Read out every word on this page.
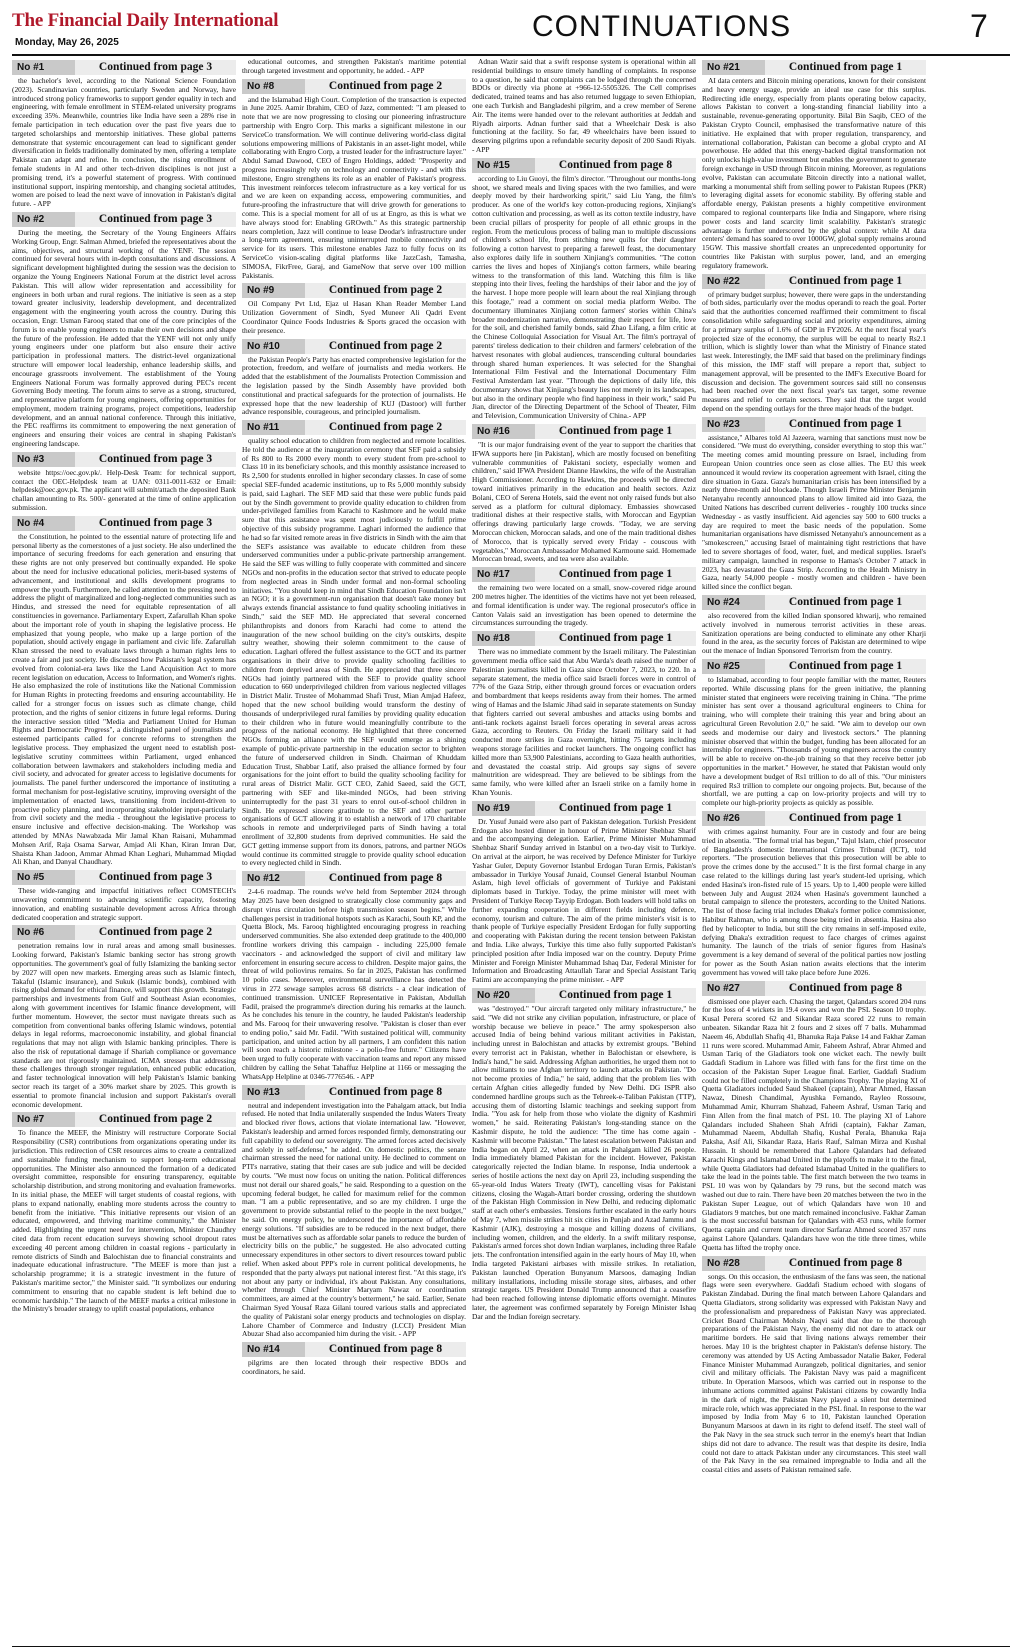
The Financial Daily International
Monday, May 26, 2025	CONTINUATIONS	7
No #1	Continued from page 3

the bachelor's level, according to the National Science Foundation (2023). Scandinavian countries, particularly Sweden and Norway, have introduced strong policy frameworks to support gender equality in tech and engineering, with female enrollment in STEM-related university programs exceeding 35%. Meanwhile, countries like India have seen a 28% rise in female participation in tech education over the past five years due to targeted scholarships and mentorship initiatives. These global patterns demonstrate that systemic encouragement can lead to significant gender diversification in fields traditionally dominated by men, offering a template Pakistan can adapt and refine. In conclusion, the rising enrollment of female students in AI and other tech-driven disciplines is not just a promising trend, it's a powerful statement of progress. With continued institutional support, inspiring mentorship, and changing societal attitudes, women are poised to lead the next wave of innovation in Pakistan's digital future. - APP

No #2	Continued from page 3

During the meeting, the Secretary of the Young Engineers Affairs Working Group, Engr. Salman Ahmed, briefed the representatives about the aims, objectives, and structural working of the YENF. The session continued for several hours with in-depth consultations and discussions. A significant development highlighted during the session was the decision to organize the Young Engineers National Forum at the district level across Pakistan. This will allow wider representation and accessibility for engineers in both urban and rural regions. The initiative is seen as a step toward greater inclusivity, leadership development, and decentralized engagement with the engineering youth across the country. During this occasion, Engr. Usman Farooq stated that one of the core principles of the forum is to enable young engineers to make their own decisions and shape the future of the profession. He added that the YENF will not only unify young engineers under one platform but also ensure their active participation in professional matters. The district-level organizational structure will empower local leadership, enhance leadership skills, and encourage grassroots involvement. The establishment of the Young Engineers National Forum was formally approved during PEC's recent Governing Body meeting. The forum aims to serve as a strong, structured, and representative platform for young engineers, offering opportunities for employment, modern training programs, project competitions, leadership development, and an annual national conference. Through this initiative, the PEC reaffirms its commitment to empowering the next generation of engineers and ensuring their voices are central in shaping Pakistan's engineering landscape.

No #3	Continued from page 3

website https://oec.gov.pk/. Help-Desk Team: for technical support, contact the OEC-Helpdesk team at UAN: 0311-0011-632 or Email: helpdesk@oec.gov.pk. The applicant will submit/attach the deposited Bank challan amounting to Rs. 500/- generated at the time of online application submission.

No #4	Continued from page 3

the Constitution, he pointed to the essential nature of protecting life and personal liberty as the cornerstones of a just society. He also underlined the importance of securing freedoms for each generation and ensuring that these rights are not only preserved but continually expanded. He spoke about the need for inclusive educational policies, merit-based systems of advancement, and institutional and skills development programs to empower the youth. Furthermore, he called attention to the pressing need to address the plight of marginalized and long-neglected communities such as Hindus, and stressed the need for equitable representation of all constituencies in governance. Parliamentary Expert, Zafarullah Khan spoke about the important role of youth in shaping the legislative process. He emphasized that young people, who make up a large portion of the population, should actively engage in parliament and civic life. Zafarullah Khan stressed the need to evaluate laws through a human rights lens to create a fair and just society. He discussed how Pakistan's legal system has evolved from colonial-era laws like the Land Acquisition Act to more recent legislation on education, Access to Information, and Women's rights. He also emphasized the role of institutions like the National Commission for Human Rights in protecting freedoms and ensuring accountability. He called for a stronger focus on issues such as climate change, child protection, and the rights of senior citizens in future legal reforms. During the interactive session titled "Media and Parliament United for Human Rights and Democratic Progress", a distinguished panel of journalists and esteemed participants called for concrete reforms to strengthen the legislative process. They emphasized the urgent need to establish post-legislative scrutiny committees within Parliament, urged enhanced collaboration between lawmakers and stakeholders including media and civil society, and advocated for greater access to legislative documents for journalists. The panel further underscored the importance of instituting a formal mechanism for post-legislative scrutiny, improving oversight of the implementation of enacted laws, transitioning from incident-driven to proactive policy planning, and incorporating stakeholder input-particularly from civil society and the media - throughout the legislative process to ensure inclusive and effective decision-making. The Workshop was attended by MNAs Nawabzada Mir Jamal Khan Raisani, Muhammad Mohsen Arif, Raja Osama Sarwar, Amjad Ali Khan, Kiran Imran Dar, Shaista Khan Jadoon, Ammar Ahmad Khan Leghari, Muhammad Miqdad Ali Khan, and Danyal Chaudhary.

No #5	Continued from page 3

These wide-ranging and impactful initiatives reflect COMSTECH's unwavering commitment to advancing scientific capacity, fostering innovation, and enabling sustainable development across Africa through dedicated cooperation and strategic support.

No #6	Continued from page 2

penetration remains low in rural areas and among small businesses. Looking forward, Pakistan's Islamic banking sector has strong growth opportunities. The government's goal of fully Islamizing the banking sector by 2027 will open new markets. Emerging areas such as Islamic fintech, Takaful (Islamic insurance), and Sukuk (Islamic bonds), combined with rising global demand for ethical finance, will support this growth. Strategic partnerships and investments from Gulf and Southeast Asian economies, along with government incentives for Islamic finance development, will further momentum. However, the sector must navigate threats such as competition from conventional banks offering Islamic windows, potential delays in legal reforms, macroeconomic instability, and global financial regulations that may not align with Islamic banking principles. There is also the risk of reputational damage if Shariah compliance or governance standards are not rigorously maintained. ICMA stresses that addressing these challenges through stronger regulation, enhanced public education, and faster technological innovation will help Pakistan's Islamic banking sector reach its target of a 30% market share by 2025. This growth is essential to promote financial inclusion and support Pakistan's overall economic development.

No #7	Continued from page 2

To finance the MEEF, the Ministry will restructure Corporate Social Responsibility (CSR) contributions from organizations operating under its jurisdiction. This redirection of CSR resources aims to create a centralized and sustainable funding mechanism to support long-term educational opportunities. The Minister also announced the formation of a dedicated oversight committee, responsible for ensuring transparency, equitable scholarship distribution, and strong monitoring and evaluation frameworks. In its initial phase, the MEEF will target students of coastal regions, with plans to expand nationally, enabling more students across the country to benefit from the initiative. "This initiative represents our vision of an educated, empowered, and thriving maritime community," the Minister added. Highlighting the urgent need for intervention, Minister Chaudhry cited data from recent education surveys showing school dropout rates exceeding 40 percent among children in coastal regions - particularly in remote districts of Sindh and Balochistan due to financial constraints and inadequate educational infrastructure. "The MEEF is more than just a scholarship programme; it is a strategic investment in the future of Pakistan's maritime sector," the Minister said. "It symbolizes our enduring commitment to ensuring that no capable student is left behind due to economic hardship." The launch of the MEEF marks a critical milestone in the Ministry's broader strategy to uplift coastal populations, enhance

educational outcomes, and strengthen Pakistan's maritime potential through targeted investment and opportunity, he added. - APP

No #8	Continued from page 2

and the Islamabad High Court. Completion of the transaction is expected in June 2025. Aamir Ibrahim, CEO of Jazz, commented: "I am pleased to note that we are now progressing to closing our pioneering infrastructure partnership with Engro Corp. This marks a significant milestone in our ServiceCo transformation. We will continue delivering world-class digital solutions empowering millions of Pakistanis in an asset-light model, while collaborating with Engro Corp, a trusted leader for the infrastructure layer." Abdul Samad Dawood, CEO of Engro Holdings, added: "Prosperity and progress increasingly rely on technology and connectivity - and with this milestone, Engro strengthens its role as an enabler of Pakistan's progress. This investment reinforces telecom infrastructure as a key vertical for us and we are keen on expanding access, empowering communities, and future-proofing the infrastructure that will drive growth for generations to come. This is a special moment for all of us at Engro, as this is what we have always stood for: Enabling GROwth." As this strategic partnership nears completion, Jazz will continue to lease Deodar's infrastructure under a long-term agreement, ensuring uninterrupted mobile connectivity and service for its users. This milestone enables Jazz to fully focus on its ServiceCo vision-scaling digital platforms like JazzCash, Tamasha, SIMOSA, FikrFree, Garaj, and GameNow that serve over 100 million Pakistanis.

No #9	Continued from page 2

Oil Company Pvt Ltd, Ejaz ul Hasan Khan Reader Member Land Utilization Government of Sindh, Syed Muneer Ali Qadri Event Coordinator Quince Foods Industries & Sports graced the occasion with their presence.

No #10	Continued from page 2

the Pakistan People's Party has enacted comprehensive legislation for the protection, freedom, and welfare of journalists and media workers. He added that the establishment of the Journalists Protection Commission and the legislation passed by the Sindh Assembly have provided both constitutional and practical safeguards for the protection of journalists. He expressed hope that the new leadership of KUJ (Dastoor) will further advance responsible, courageous, and principled journalism.

No #11	Continued from page 2

quality school education to children from neglected and remote localities. He told the audience at the inauguration ceremony that SEF paid a subsidy of Rs 800 to Rs 2000 every month to every student from pre-school to Class 10 in its beneficiary schools, and this monthly assistance increased to Rs 2,500 for students enrolled in higher secondary classes. In case of some special SEF-funded academic institutions, up to Rs 5,000 monthly subsidy is paid, said Laghari. The SEF MD said that these were public funds paid out by the Sindh government to provide quality education to children from under-privileged families from Karachi to Kashmore and he would make sure that this assistance was spent most judiciously to fulfill prime objective of this subsidy programme. Laghari informed the audience that he had so far visited remote areas in five districts in Sindh with the aim that the SEF's assistance was available to educate children from these underserved communities under a public-private partnership arrangement. He said the SEF was willing to fully cooperate with committed and sincere NGOs and non-profits in the education sector that strived to educate people from neglected areas in Sindh under formal and non-formal schooling initiatives. "You should keep in mind that Sindh Education Foundation isn't an NGO; it is a government-run organisation that doesn't take money but always extends financial assistance to fund quality schooling initiatives in Sindh," said the SEF MD. He appreciated that several concerned philanthropists and donors from Karachi had come to attend the inauguration of the new school building on the city's outskirts, despite sultry weather, showing their solemn commitment to the cause of education. Laghari offered the fullest assistance to the GCT and its partner organisations in their drive to provide quality schooling facilities to children from deprived areas of Sindh. He appreciated that three sincere NGOs had jointly partnered with the SEF to provide quality school education to 660 underprivileged children from various neglected villages in District Malir. Trustee of Mohammad Shafi Trust, Mian Amjad Hafeez, hoped that the new school building would transform the destiny of thousands of underprivileged rural families by providing quality education to their children who in future would meaningfully contribute to the progress of the national economy. He highlighted that three concerned NGOs forming an alliance with the SEF would emerge as a shining example of public-private partnership in the education sector to brighten the future of underserved children in Sindh. Chairman of Khuddam Education Trust, Shabbar Latif, also praised the alliance formed by four organisations for the joint effort to build the quality schooling facility for rural areas of District Malir. GCT CEO, Zahid Saeed, said the GCT, partnering with SEF and like-minded NGOs, had been striving uninterruptedly for the past 31 years to enrol out-of-school children in Sindh. He expressed sincere gratitude to the SEF and other partner organisations of GCT allowing it to establish a network of 170 charitable schools in remote and underprivileged parts of Sindh having a total enrollment of 32,800 students from deprived communities. He said the GCT getting immense support from its donors, patrons, and partner NGOs would continue its committed struggle to provide quality school education to every neglected child in Sindh.

No #12	Continued from page 8

2-4-6 roadmap. The rounds we've held from September 2024 through May 2025 have been designed to strategically close community gaps and disrupt virus circulation before high transmission season begins." While challenges persist in traditional hotspots such as Karachi, South KP, and the Quetta Block, Ms. Farooq highlighted encouraging progress in reaching underserved communities. She also extended deep gratitude to the 400,000 frontline workers driving this campaign - including 225,000 female vaccinators - and acknowledged the support of civil and military law enforcement in ensuring secure access to children. Despite major gains, the threat of wild poliovirus remains. So far in 2025, Pakistan has confirmed 10 polio cases. Moreover, environmental surveillance has detected the virus in 272 sewage samples across 68 districts - a clear indication of continued transmission. UNICEF Representative in Pakistan, Abdullah Fadil, praised the programme's direction during his remarks at the launch. As he concludes his tenure in the country, he lauded Pakistan's leadership and Ms. Farooq for their unwavering resolve. "Pakistan is closer than ever to ending polio," said Mr. Fadil. "With sustained political will, community participation, and united action by all partners, I am confident this nation will soon reach a historic milestone - a polio-free future." Citizens have been urged to fully cooperate with vaccination teams and report any missed children by calling the Sehat Tahaffuz Helpline at 1166 or messaging the WhatsApp Helpline at 0346-7776546. - APP

No #13	Continued from page 8

neutral and independent investigation into the Pahalgam attack, but India refused. He noted that India unilaterally suspended the Indus Waters Treaty and blocked river flows, actions that violate international law. "However, Pakistan's leadership and armed forces responded firmly, demonstrating our full capability to defend our sovereignty. The armed forces acted decisively and solely in self-defense," he added. On domestic politics, the senate chairman stressed the need for national unity. He declined to comment on PTI's narrative, stating that their cases are sub judice and will be decided by courts. "We must now focus on uniting the nation. Political differences must not derail our shared goals," he said. Responding to a question on the upcoming federal budget, he called for maximum relief for the common man. "I am a public representative, and so are my children. I urge the government to provide substantial relief to the people in the next budget," he said. On energy policy, he underscored the importance of affordable energy solutions. "If subsidies are to be reduced in the next budget, there must be alternatives such as affordable solar panels to reduce the burden of electricity bills on the public," he suggested. He also advocated cutting unnecessary expenditures in other sectors to divert resources toward public relief. When asked about PPP's role in current political developments, he responded that the party always put national interest first. "At this stage, it's not about any party or individual, it's about Pakistan. Any consultations, whether through Chief Minister Maryam Nawaz or coordination committees, are aimed at the country's betterment," he said. Earlier, Senate Chairman Syed Yousaf Raza Gilani toured various stalls and appreciated the quality of Pakistani solar energy products and technologies on display. Lahore Chamber of Commerce and Industry (LCCI) President Mian Abuzar Shad also accompanied him during the visit. - APP

No #14	Continued from page 8

pilgrims are then located through their respective BDOs and coordinators, he said.

Adnan Wazir said that a swift response system is operational within all residential buildings to ensure timely handling of complaints. In response to a question, he said that complaints can be lodged through the concerned BDOs or directly via phone at +966-12-5505326. The Cell comprises dedicated, trained teams and has also returned luggage to seven Ethiopian, one each Turkish and Bangladeshi pilgrim, and a crew member of Serene Air. The items were handed over to the relevant authorities at Jeddah and Riyadh airports. Adnan further said that a Wheelchair Desk is also functioning at the facility. So far, 49 wheelchairs have been issued to deserving pilgrims upon a refundable security deposit of 200 Saudi Riyals. - APP

No #15	Continued from page 8

according to Liu Guoyi, the film's director. "Throughout our months-long shoot, we shared meals and living spaces with the two families, and were deeply moved by their hardworking spirit," said Liu Yang, the film's producer. As one of the world's key cotton-producing regions, Xinjiang's cotton cultivation and processing, as well as its cotton textile industry, have been crucial pillars of prosperity for people of all ethnic groups in the region. From the meticulous process of baling man to multiple discussions of children's school life, from stitching new quilts for their daughter following a cotton harvest to preparing a farewell feast, the documentary also explores daily life in southern Xinjiang's communities. "The cotton carries the lives and hopes of Xinjiang's cotton farmers, while bearing witness to the transformation of this land. Watching this film is like stepping into their lives, feeling the hardships of their labor and the joy of the harvest. I hope more people will learn about the real Xinjiang through this footage," read a comment on social media platform Weibo. The documentary illuminates Xinjiang cotton farmers' stories within China's broader modernization narrative, demonstrating their respect for life, love for the soil, and cherished family bonds, said Zhao Lifang, a film critic at the Chinese Colloquial Association for Visual Art. The film's portrayal of parents' tireless dedication to their children and farmers' celebration of the harvest resonates with global audiences, transcending cultural boundaries through shared human experiences. It was selected for the Shanghai International Film Festival and the International Documentary Film Festival Amsterdam last year. "Through the depictions of daily life, this documentary shows that Xinjiang's beauty lies not merely in its landscapes, but also in the ordinary people who find happiness in their work," said Pu Jian, director of the Directing Department of the School of Theater, Film and Television, Communication University of China.- APP

No #16	Continued from page 1

"It is our major fundraising event of the year to support the charities that IFWA supports here [in Pakistan], which are mostly focused on benefiting vulnerable communities of Pakistani society, especially women and children," said IFWA President Dianne Hawkins, the wife of the Australian High Commissioner. According to Hawkins, the proceeds will be directed toward initiatives primarily in the education and health sectors. Aziz Bolani, CEO of Serena Hotels, said the event not only raised funds but also served as a platform for cultural diplomacy. Embassies showcased traditional dishes at their respective stalls, with Moroccan and Egyptian offerings drawing particularly large crowds. "Today, we are serving Moroccan chicken, Moroccan salads, and one of the main traditional dishes of Morocco, that is typically served every Friday - couscous with vegetables," Moroccan Ambassador Mohamed Karmoune said. Homemade Moroccan bread, sweets, and tea were also available.

No #17	Continued from page 1

the remaining two were located on a small, snow-covered ridge around 200 metres higher. The identities of the victims have not yet been released, and formal identification is under way. The regional prosecutor's office in Canton Valais said an investigation has been opened to determine the circumstances surrounding the tragedy.

No #18	Continued from page 1

There was no immediate comment by the Israeli military. The Palestinian government media office said that Abu Warda's death raised the number of Palestinian journalists killed in Gaza since October 7, 2023, to 220. In a separate statement, the media office said Israeli forces were in control of 77% of the Gaza Strip, either through ground forces or evacuation orders and bombardment that keeps residents away from their homes. The armed wing of Hamas and the Islamic Jihad said in separate statements on Sunday that fighters carried out several ambushes and attacks using bombs and anti-tank rockets against Israeli forces operating in several areas across Gaza, according to Reuters. On Friday the Israeli military said it had conducted more strikes in Gaza overnight, hitting 75 targets including weapons storage facilities and rocket launchers. The ongoing conflict has killed more than 53,900 Palestinians, according to Gaza health authorities, and devastated the coastal strip. Aid groups say signs of severe malnutrition are widespread. They are believed to be siblings from the same family, who were killed after an Israeli strike on a family home in Khan Younis.

No #19	Continued from page 1

Dr. Yusuf Junaid were also part of Pakistan delegation. Turkish President Erdogan also hosted dinner in honour of Prime Minister Shehbaz Sharif and the accompanying delegation. Earlier, Prime Minister Muhammad Shehbaz Sharif Sunday arrived in Istanbul on a two-day visit to Turkiye. On arrival at the airport, he was received by Defence Minister for Turkiye Yashar Guler, Deputy Governor Istanbul Erdogan Turan Ermis, Pakistan's ambassador in Turkiye Yousaf Junaid, Counsel General Istanbul Nouman Aslam, high level officials of government of Turkiye and Pakistani diplomats based in Turkiye. Today, the prime minister will meet with President of Turkiye Recep Tayyip Erdogan. Both leaders will hold talks on further expanding cooperation in different fields including defence, economy, tourism and culture. The aim of the prime minister's visit is to thank people of Turkiye especially President Erdogan for fully supporting and cooperating with Pakistan during the recent tension between Pakistan and India. Like always, Turkiye this time also fully supported Pakistan's principled position after India imposed war on the country. Deputy Prime Minister and Foreign Minister Muhammad Ishaq Dar, Federal Minister for Information and Broadcasting Attaullah Tarar and Special Assistant Tariq Fatimi are accompanying the prime minister. - APP

No #20	Continued from page 1

was "destroyed." "Our aircraft targeted only military infrastructure," he said. "We did not strike any civilian population, infrastructure, or place of worship because we believe in peace." The army spokesperson also accused India of being behind various militant activities in Pakistan, including unrest in Balochistan and attacks by extremist groups. "Behind every terrorist act in Pakistan, whether in Balochistan or elsewhere, is India's hand," he said. Addressing Afghan authorities, he urged them not to allow militants to use Afghan territory to launch attacks on Pakistan. "Do not become proxies of India," he said, adding that the problem lies with certain Afghan cities allegedly funded by New Delhi. DG ISPR also condemned hardline groups such as the Tehreek-e-Taliban Pakistan (TTP), accusing them of distorting Islamic teachings and seeking support from India. "You ask for help from those who violate the dignity of Kashmiri women," he said. Reiterating Pakistan's long-standing stance on the Kashmir dispute, he told the audience: "The time has come again - Kashmir will become Pakistan." The latest escalation between Pakistan and India began on April 22, when an attack in Pahalgam killed 26 people. India immediately blamed Pakistan for the incident. However, Pakistan categorically rejected the Indian blame. In response, India undertook a series of hostile actions the next day on April 23, including suspending the 65-year-old Indus Waters Treaty (IWT), cancelling visas for Pakistani citizens, closing the Wagah-Attari border crossing, ordering the shutdown of the Pakistan High Commission in New Delhi, and reducing diplomatic staff at each other's embassies. Tensions further escalated in the early hours of May 7, when missile strikes hit six cities in Punjab and Azad Jammu and Kashmir (AJK), destroying a mosque and killing dozens of civilians, including women, children, and the elderly. In a swift military response, Pakistan's armed forces shot down Indian warplanes, including three Rafale jets. The confrontation intensified again in the early hours of May 10, when India targeted Pakistani airbases with missile strikes. In retaliation, Pakistan launched Operation Bunyanum Marsoos, damaging Indian military installations, including missile storage sites, airbases, and other strategic targets. US President Donald Trump announced that a ceasefire had been reached following intense diplomatic efforts overnight. Minutes later, the agreement was confirmed separately by Foreign Minister Ishaq Dar and the Indian foreign secretary.

No #21	Continued from page 1

AI data centers and Bitcoin mining operations, known for their consistent and heavy energy usage, provide an ideal use case for this surplus. Redirecting idle energy, especially from plants operating below capacity, allows Pakistan to convert a long-standing financial liability into a sustainable, revenue-generating opportunity. Bilal Bin Saqib, CEO of the Pakistan Crypto Council, emphasised the transformative nature of this initiative. He explained that with proper regulation, transparency, and international collaboration, Pakistan can become a global crypto and AI powerhouse. He added that this energy-backed digital transformation not only unlocks high-value investment but enables the government to generate foreign exchange in USD through Bitcoin mining. Moreover, as regulations evolve, Pakistan can accumulate Bitcoin directly into a national wallet, marking a monumental shift from selling power to Pakistan Rupees (PKR) to leveraging digital assets for economic stability. By offering stable and affordable energy, Pakistan presents a highly competitive environment compared to regional counterparts like India and Singapore, where rising power costs and land scarcity limit scalability. Pakistan's strategic advantage is further underscored by the global context: while AI data centers' demand has soared to over 1000GW, global supply remains around 15GW. This massive shortfall creates an unprecedented opportunity for countries like Pakistan with surplus power, land, and an emerging regulatory framework.

No #22	Continued from page 1

of primary budget surplus; however, there were gaps in the understanding of both sides, particularly over the modus operandi to reach the goal. Porter said that the authorities concerned reaffirmed their commitment to fiscal consolidation while safeguarding social and priority expenditures, aiming for a primary surplus of 1.6% of GDP in FY2026. At the next fiscal year's projected size of the economy, the surplus will be equal to nearly Rs2.1 trillion, which is slightly lower than what the Ministry of Finance stated last week. Interestingly, the IMF said that based on the preliminary findings of this mission, the IMF staff will prepare a report that, subject to management approval, will be presented to the IMF's Executive Board for discussion and decision. The government sources said still no consensus had been reached over the next fiscal year's tax target, some revenue measures and relief to certain sectors. They said that the target would depend on the spending outlays for the three major heads of the budget.

No #23	Continued from page 1

assistance," Albares told Al Jazeera, warning that sanctions must now be considered. "We must do everything, consider everything to stop this war." The meeting comes amid mounting pressure on Israel, including from European Union countries once seen as close allies. The EU this week announced it would review its cooperation agreement with Israel, citing the dire situation in Gaza. Gaza's humanitarian crisis has been intensified by a nearly three-month aid blockade. Though Israeli Prime Minister Benjamin Netanyahu recently announced plans to allow limited aid into Gaza, the United Nations has described current deliveries - roughly 100 trucks since Wednesday - as vastly insufficient. Aid agencies say 500 to 600 trucks a day are required to meet the basic needs of the population. Some humanitarian organisations have dismissed Netanyahu's announcement as a "smokescreen," accusing Israel of maintaining tight restrictions that have led to severe shortages of food, water, fuel, and medical supplies. Israel's military campaign, launched in response to Hamas's October 7 attack in 2023, has devastated the Gaza Strip. According to the Health Ministry in Gaza, nearly 54,000 people - mostly women and children - have been killed since the conflict began.

No #24	Continued from page 1

also recovered from the killed Indian sponsored khwarij, who remained actively involved in numerous terrorist activities in these areas. Sanitization operations are being conducted to eliminate any other Kharji found in the area, as the security forces of Pakistan are determined to wipe out the menace of Indian Sponsored Terrorism from the country.

No #25	Continued from page 1

to Islamabad, according to four people familiar with the matter, Reuters reported. While discussing plans for the green initiative, the planning minister stated that engineers were receiving training in China. "The prime minister has sent over a thousand agricultural engineers to China for training, who will complete their training this year and bring about an agricultural Green Revolution 2.0," he said. "We aim to develop our own seeds and modernise our dairy and livestock sectors." The planning minister observed that within the budget, funding has been allocated for an internship for engineers. "Thousands of young engineers across the country will be able to receive on-the-job training so that they receive better job opportunities in the market." However, he stated that Pakistan would only have a development budget of Rs1 trillion to do all of this. "Our ministers required Rs3 trillion to complete our ongoing projects. But, because of the shortfall, we are putting a cap on low-priority projects and will try to complete our high-priority projects as quickly as possible.

No #26	Continued from page 1

with crimes against humanity. Four are in custody and four are being tried in absentia. "The formal trial has begun," Tajul Islam, chief prosecutor of Bangladesh's domestic International Crimes Tribunal (ICT), told reporters. "The prosecution believes that this prosecution will be able to prove the crimes done by the accused." It is the first formal charge in any case related to the killings during last year's student-led uprising, which ended Hasina's iron-fisted rule of 15 years. Up to 1,400 people were killed between July and August 2024 when Hasina's government launched a brutal campaign to silence the protesters, according to the United Nations. The list of those facing trial includes Dhaka's former police commissioner, Habibur Rahman, who is among those being tried in absentia. Hasina also fled by helicopter to India, but still the city remains in self-imposed exile, defying Dhaka's extradition request to face charges of crimes against humanity. The launch of the trials of senior figures from Hasina's government is a key demand of several of the political parties now jostling for power as the South Asian nation awaits elections that the interim government has vowed will take place before June 2026.

No #27	Continued from page 8

dismissed one player each. Chasing the target, Qalandars scored 204 runs for the loss of 4 wickets in 19.4 overs and won the PSL Season 10 trophy. Kusal Perera scored 62 and Sikandar Raza scored 22 runs to remain unbeaten. Sikandar Raza hit 2 fours and 2 sixes off 7 balls. Muhammad Naeem 46, Abdullah Shafiq 41, Bhanuka Raja Pakse 14 and Fakhar Zaman 11 runs were scored. Muhammad Amir, Faheem Ashraf, Abrar Ahmed and Usman Tariq of the Gladiators took one wicket each. The newly built Gaddafi Stadium in Lahore was filled with fans for the first time on the occasion of the Pakistan Super League final. Earlier, Gaddafi Stadium could not be filled completely in the Champions Trophy. The playing XI of Quetta Gladiators included Saud Shakeel (captain), Abrar Ahmed, Hassan Nawaz, Dinesh Chandimal, Ayushka Fernando, Rayleo Rossouw, Muhammad Amir, Khurram Shahzad, Faheem Ashraf, Usman Tariq and Finn Allen from the final match of PSL 10. The playing XI of Lahore Qalandars included Shaheen Shah Afridi (captain), Fakhar Zaman, Muhammad Naeem, Abdullah Shafiq, Kushal Perala, Bhanuka Raja Paksha, Asif Ali, Sikandar Raza, Haris Rauf, Salman Mirza and Kushal Hussain. It should be remembered that Lahore Qalandars had defeated Karachi Kings and Islamabad United in the playoffs to make it to the final, while Quetta Gladiators had defeated Islamabad United in the qualifiers to take the lead in the points table. The first match between the two teams in PSL 10 was won by Qalandars by 79 runs, but the second match was washed out due to rain. There have been 20 matches between the two in the Pakistan Super League, out of which Qalandars have won 10 and Gladiators 9 matches, but one match remained inconclusive. Fakhar Zaman is the most successful batsman for Qalandars with 453 runs, while former Quetta captain and current team director Sarfaraz Ahmed scored 357 runs against Lahore Qalandars. Qalandars have won the title three times, while Quetta has lifted the trophy once.

No #28	Continued from page 8

songs. On this occasion, the enthusiasm of the fans was seen, the national flags were seen everywhere. Gaddafi Stadium echoed with slogans of Pakistan Zindabad. During the final match between Lahore Qalandars and Quetta Gladiators, strong solidarity was expressed with Pakistan Navy and the professionalism and preparedness of Pakistan Navy was appreciated. Cricket Board Chairman Mohsin Naqvi said that due to the thorough preparations of the Pakistan Navy, the enemy did not dare to attack our maritime borders. He said that living nations always remember their heroes. May 10 is the brightest chapter in Pakistan's defense history. The ceremony was attended by US Acting Ambassador Natalie Baker, Federal Finance Minister Muhammad Aurangzeb, political dignitaries, and senior civil and military officials. The Pakistan Navy was paid a magnificent tribute. In Operation Marsoos, which was carried out in response to the inhumane actions committed against Pakistani citizens by cowardly India in the dark of night, the Pakistan Navy played a silent but determined miracle role, which was appreciated in the PSL final. In response to the war imposed by India from May 6 to 10, Pakistan launched Operation Bunyanum Marsoos at dawn in its right to defend itself. The steel wall of the Pak Navy in the sea struck such terror in the enemy's heart that Indian ships did not dare to advance. The result was that despite its desire, India could not dare to attack Pakistan under any circumstances. This steel wall of the Pak Navy in the sea remained impregnable to India and all the coastal cities and assets of Pakistan remained safe.
